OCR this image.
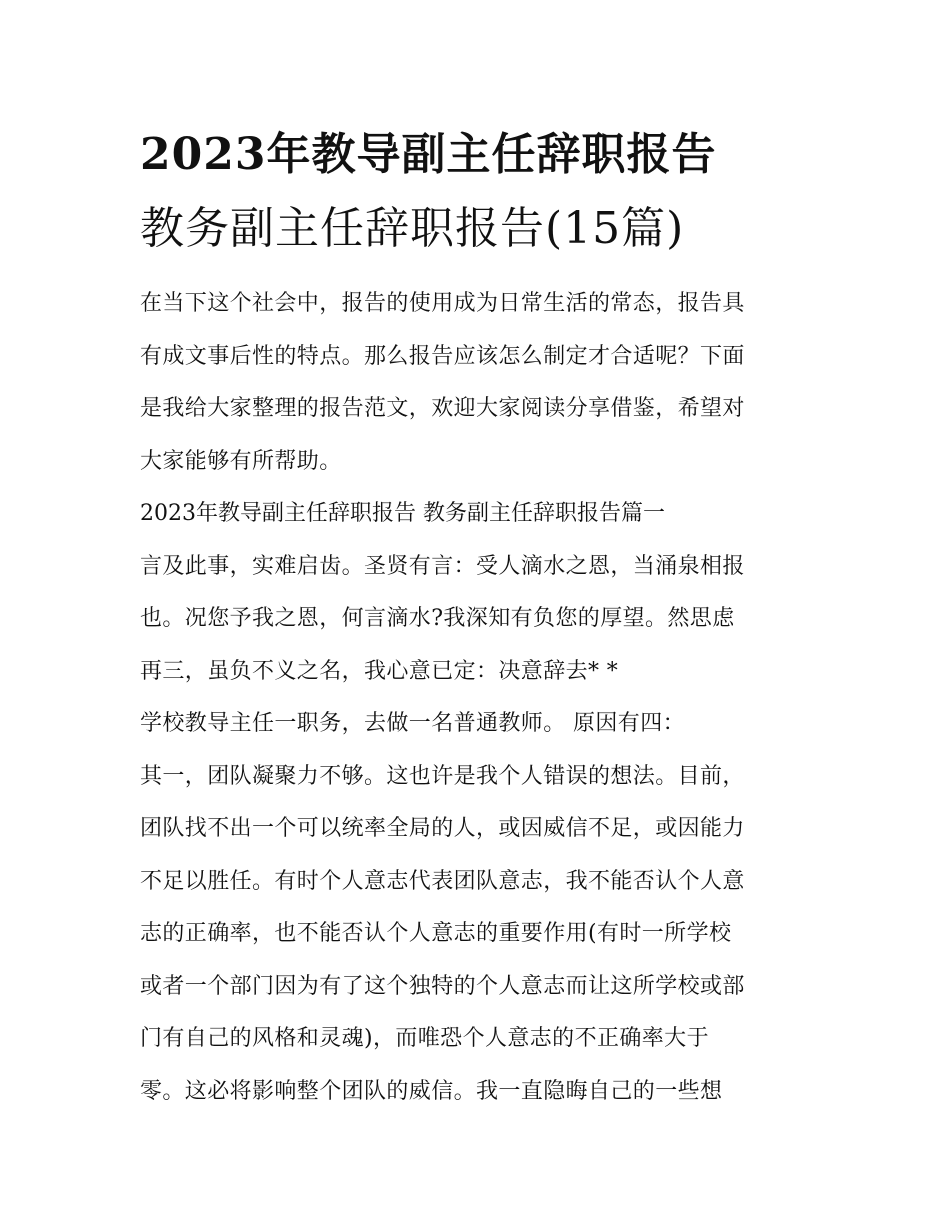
2023年教导副主任辞职报告
教务副主任辞职报告(15篇)
在当下这个社会中，报告的使用成为日常生活的常态，报告具
有成文事后性的特点。那么报告应该怎么制定才合适呢？下面
是我给大家整理的报告范文，欢迎大家阅读分享借鉴，希望对
大家能够有所帮助。
2023年教导副主任辞职报告 教务副主任辞职报告篇一
言及此事，实难启齿。圣贤有言：受人滴水之恩，当涌泉相报
也。况您予我之恩，何言滴水?我深知有负您的厚望。然思虑
再三，虽负不义之名，我心意已定：决意辞去* *
学校教导主任一职务，去做一名普通教师。 原因有四：
其一，团队凝聚力不够。这也许是我个人错误的想法。目前，
团队找不出一个可以统率全局的人，或因威信不足，或因能力
不足以胜任。有时个人意志代表团队意志，我不能否认个人意
志的正确率，也不能否认个人意志的重要作用(有时一所学校
或者一个部门因为有了这个独特的个人意志而让这所学校或部
门有自己的风格和灵魂)，而唯恐个人意志的不正确率大于
零。这必将影响整个团队的威信。我一直隐晦自己的一些想
